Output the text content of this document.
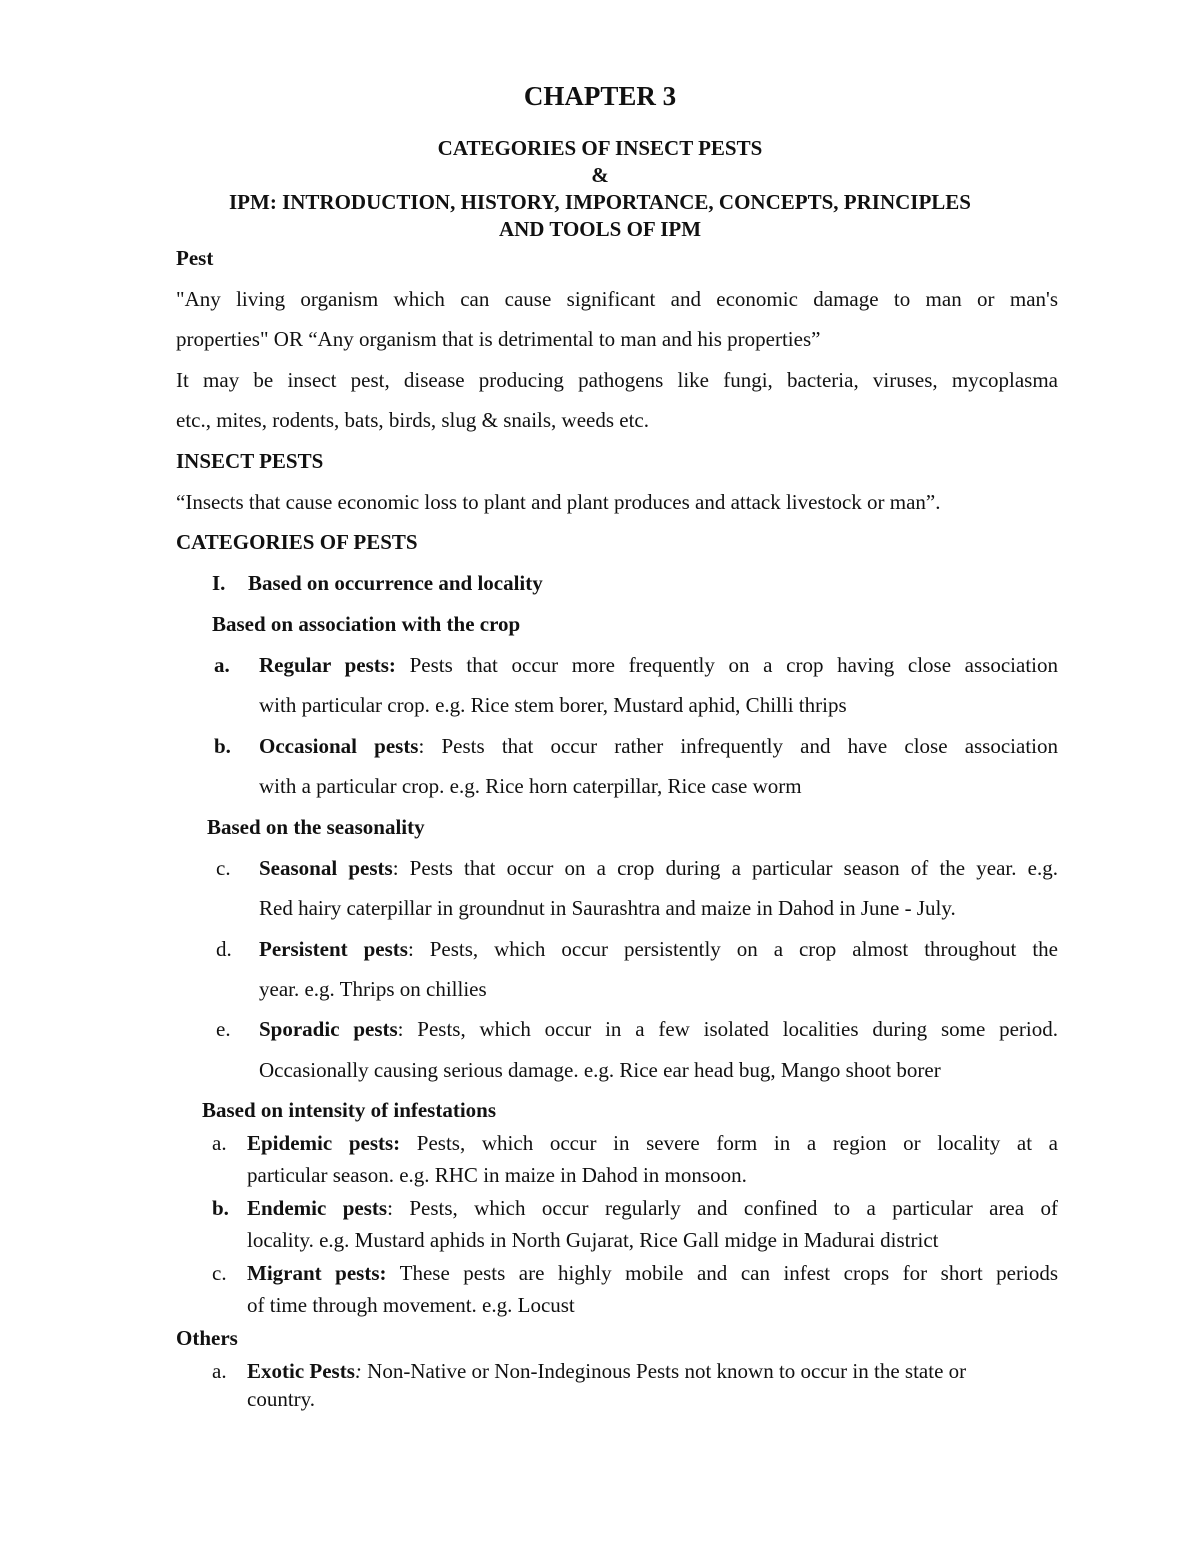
CHAPTER 3
CATEGORIES OF INSECT PESTS
&
IPM: INTRODUCTION, HISTORY, IMPORTANCE, CONCEPTS, PRINCIPLES
AND TOOLS OF IPM
Pest
"Any living organism which can cause significant and economic damage to man or man's
properties" OR “Any organism that is detrimental to man and his properties”
It may be insect pest, disease producing pathogens like fungi, bacteria, viruses, mycoplasma
etc., mites, rodents, bats, birds, slug & snails, weeds etc.
INSECT PESTS
“Insects that cause economic loss to plant and plant produces and attack livestock or man”.
CATEGORIES OF PESTS
I. Based on occurrence and locality
Based on association with the crop
a. Regular pests: Pests that occur more frequently on a crop having close association
with particular crop. e.g. Rice stem borer, Mustard aphid, Chilli thrips
b. Occasional pests: Pests that occur rather infrequently and have close association
with a particular crop. e.g. Rice horn caterpillar, Rice case worm
Based on the seasonality
c. Seasonal pests: Pests that occur on a crop during a particular season of the year. e.g.
Red hairy caterpillar in groundnut in Saurashtra and maize in Dahod in June - July.
d. Persistent pests: Pests, which occur persistently on a crop almost throughout the
year. e.g. Thrips on chillies
e. Sporadic pests: Pests, which occur in a few isolated localities during some period.
Occasionally causing serious damage. e.g. Rice ear head bug, Mango shoot borer
Based on intensity of infestations
a. Epidemic pests: Pests, which occur in severe form in a region or locality at a
particular season. e.g. RHC in maize in Dahod in monsoon.
b. Endemic pests: Pests, which occur regularly and confined to a particular area of
locality. e.g. Mustard aphids in North Gujarat, Rice Gall midge in Madurai district
c. Migrant pests: These pests are highly mobile and can infest crops for short periods
of time through movement. e.g. Locust
Others
a. Exotic Pests: Non-Native or Non-Indeginous Pests not known to occur in the state or
country.
